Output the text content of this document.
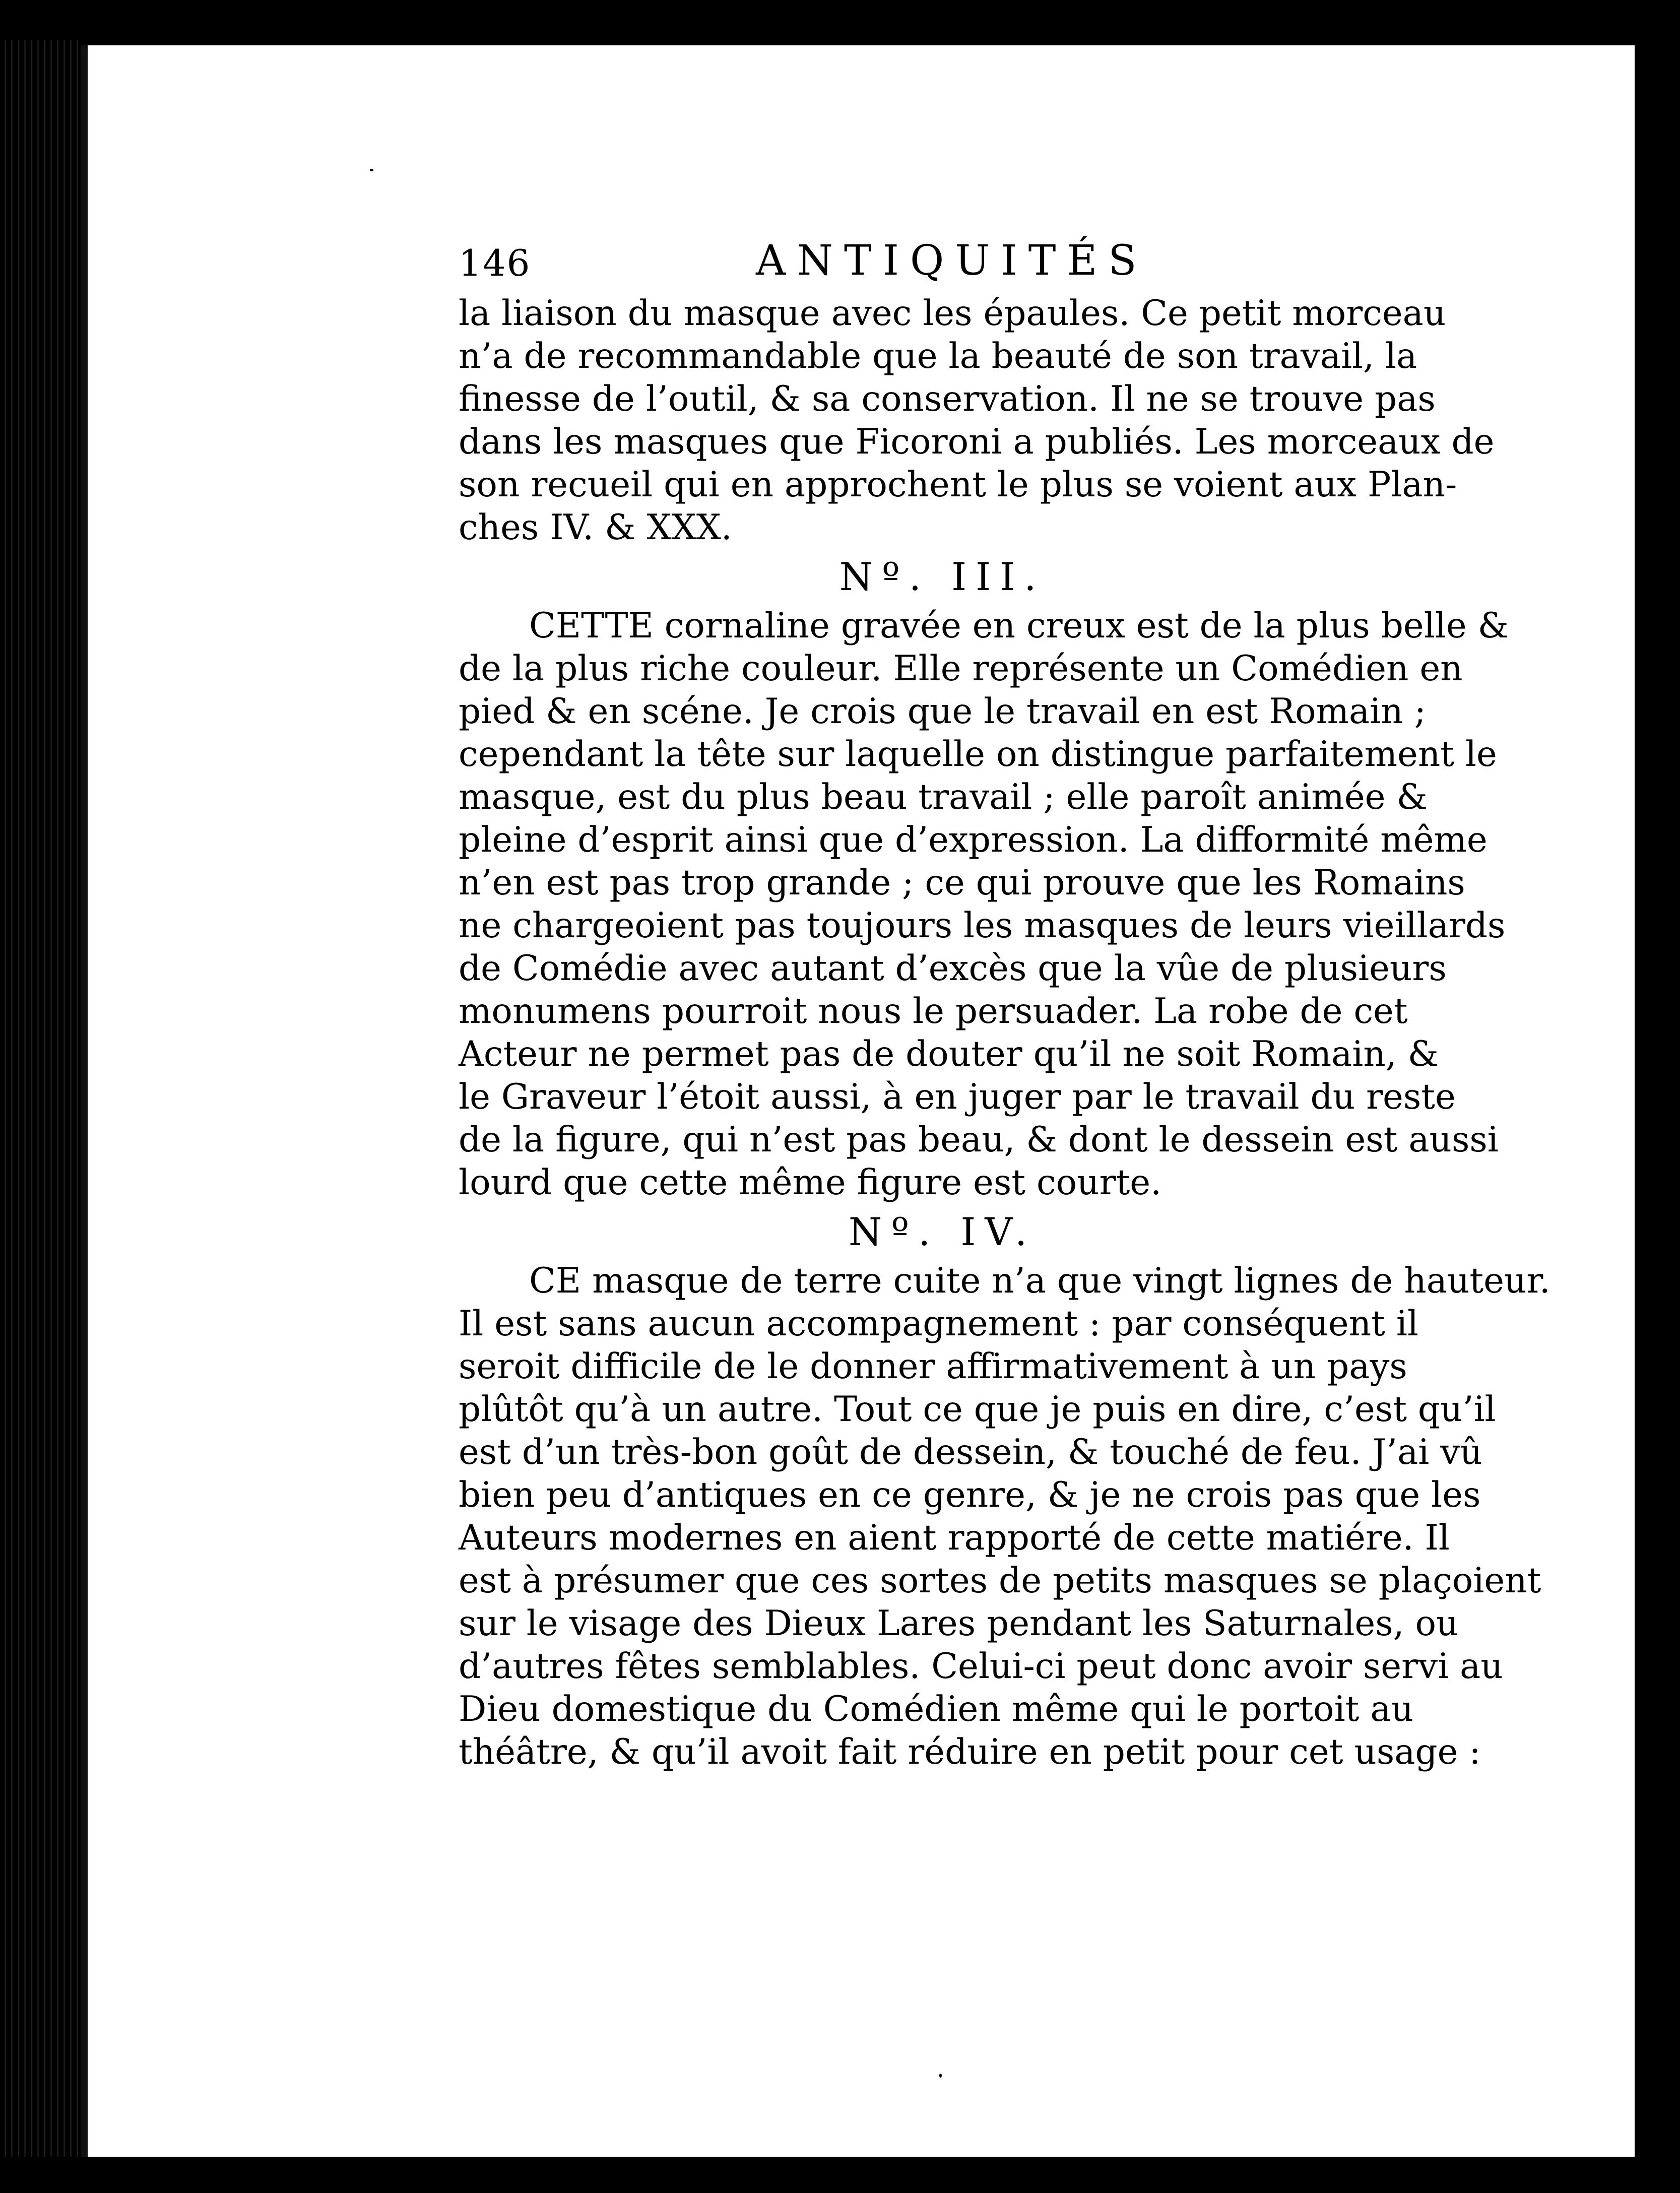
146	ANTIQUITÉS
la liaison du masque avec les épaules. Ce petit morceau
n’a de recommandable que la beauté de son travail, la
finesse de l’outil, & sa conservation. Il ne se trouve pas
dans les masques que Ficoroni a publiés. Les morceaux de
son recueil qui en approchent le plus se voient aux Plan-
ches IV. & XXX.
Nº. III.
CETTE cornaline gravée en creux est de la plus belle &
de la plus riche couleur. Elle représente un Comédien en
pied & en scéne. Je crois que le travail en est Romain ;
cependant la tête sur laquelle on distingue parfaitement le
masque, est du plus beau travail ; elle paroît animée &
pleine d’esprit ainsi que d’expression. La difformité même
n’en est pas trop grande ; ce qui prouve que les Romains
ne chargeoient pas toujours les masques de leurs vieillards
de Comédie avec autant d’excès que la vûe de plusieurs
monumens pourroit nous le persuader. La robe de cet
Acteur ne permet pas de douter qu’il ne soit Romain, &
le Graveur l’étoit aussi, à en juger par le travail du reste
de la figure, qui n’est pas beau, & dont le dessein est aussi
lourd que cette même figure est courte.
Nº. IV.
CE masque de terre cuite n’a que vingt lignes de hauteur.
Il est sans aucun accompagnement : par conséquent il
seroit difficile de le donner affirmativement à un pays
plûtôt qu’à un autre. Tout ce que je puis en dire, c’est qu’il
est d’un très-bon goût de dessein, & touché de feu. J’ai vû
bien peu d’antiques en ce genre, & je ne crois pas que les
Auteurs modernes en aient rapporté de cette matiére. Il
est à présumer que ces sortes de petits masques se plaçoient
sur le visage des Dieux Lares pendant les Saturnales, ou
d’autres fêtes semblables. Celui-ci peut donc avoir servi au
Dieu domestique du Comédien même qui le portoit au
théâtre, & qu’il avoit fait réduire en petit pour cet usage :
